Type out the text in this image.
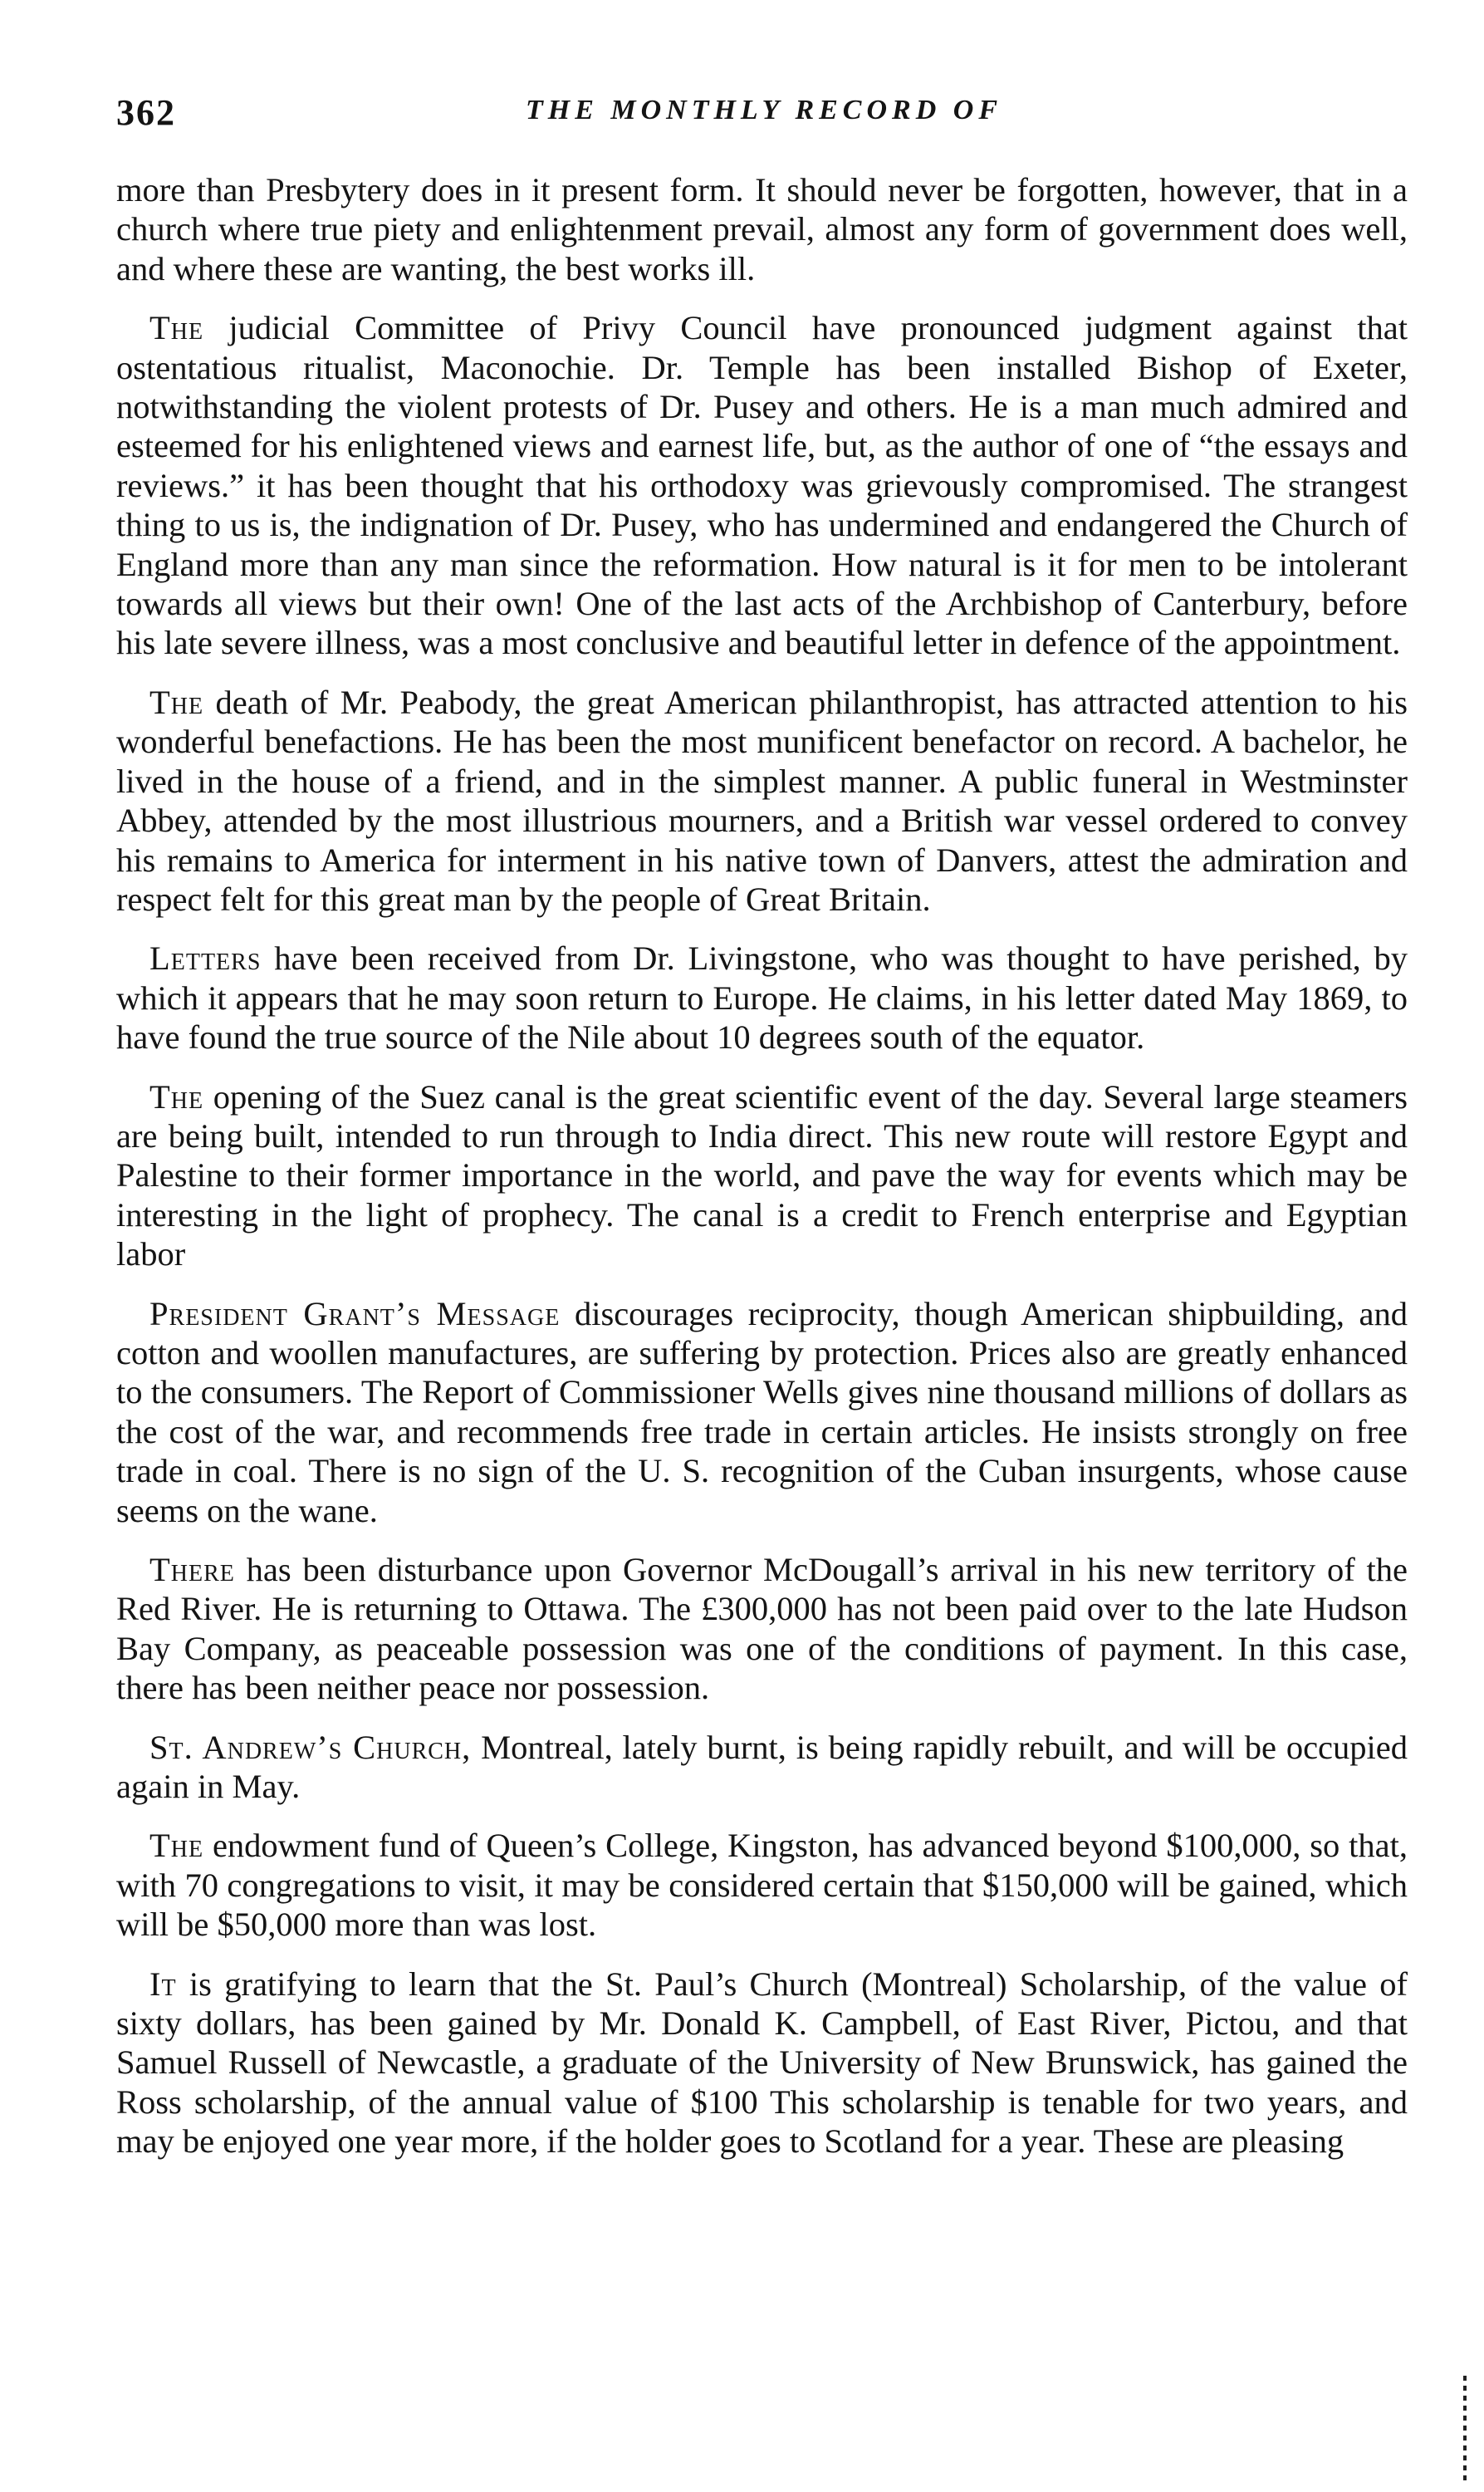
362	THE MONTHLY RECORD OF

more than Presbytery does in it present form. It should never be forgotten, however, that in a church where true piety and enlightenment prevail, almost any form of government does well, and where these are wanting, the best works ill.

The judicial Committee of Privy Council have pronounced judgment against that ostentatious ritualist, Maconochie. Dr. Temple has been installed Bishop of Exeter, notwithstanding the violent protests of Dr. Pusey and others. He is a man much admired and esteemed for his enlightened views and earnest life, but, as the author of one of “the essays and reviews.” it has been thought that his orthodoxy was grievously compromised. The strangest thing to us is, the indignation of Dr. Pusey, who has undermined and endangered the Church of England more than any man since the reformation. How natural is it for men to be intolerant towards all views but their own! One of the last acts of the Archbishop of Canterbury, before his late severe illness, was a most conclusive and beautiful letter in defence of the appointment.

The death of Mr. Peabody, the great American philanthropist, has attracted attention to his wonderful benefactions. He has been the most munificent benefactor on record. A bachelor, he lived in the house of a friend, and in the simplest manner. A public funeral in Westminster Abbey, attended by the most illustrious mourners, and a British war vessel ordered to convey his remains to America for interment in his native town of Danvers, attest the admiration and respect felt for this great man by the people of Great Britain.

Letters have been received from Dr. Livingstone, who was thought to have perished, by which it appears that he may soon return to Europe. He claims, in his letter dated May 1869, to have found the true source of the Nile about 10 degrees south of the equator.

The opening of the Suez canal is the great scientific event of the day. Several large steamers are being built, intended to run through to India direct. This new route will restore Egypt and Palestine to their former importance in the world, and pave the way for events which may be interesting in the light of prophecy. The canal is a credit to French enterprise and Egyptian labor

President Grant’s Message discourages reciprocity, though American shipbuilding, and cotton and woollen manufactures, are suffering by protection. Prices also are greatly enhanced to the consumers. The Report of Commissioner Wells gives nine thousand millions of dollars as the cost of the war, and recommends free trade in certain articles. He insists strongly on free trade in coal. There is no sign of the U. S. recognition of the Cuban insurgents, whose cause seems on the wane.

There has been disturbance upon Governor McDougall’s arrival in his new territory of the Red River. He is returning to Ottawa. The £300,000 has not been paid over to the late Hudson Bay Company, as peaceable possession was one of the conditions of payment. In this case, there has been neither peace nor possession.

St. Andrew’s Church, Montreal, lately burnt, is being rapidly rebuilt, and will be occupied again in May.

The endowment fund of Queen’s College, Kingston, has advanced beyond $100,000, so that, with 70 congregations to visit, it may be considered certain that $150,000 will be gained, which will be $50,000 more than was lost.

It is gratifying to learn that the St. Paul’s Church (Montreal) Scholarship, of the value of sixty dollars, has been gained by Mr. Donald K. Campbell, of East River, Pictou, and that Samuel Russell of Newcastle, a graduate of the University of New Brunswick, has gained the Ross scholarship, of the annual value of $100 This scholarship is tenable for two years, and may be enjoyed one year more, if the holder goes to Scotland for a year. These are pleasing
